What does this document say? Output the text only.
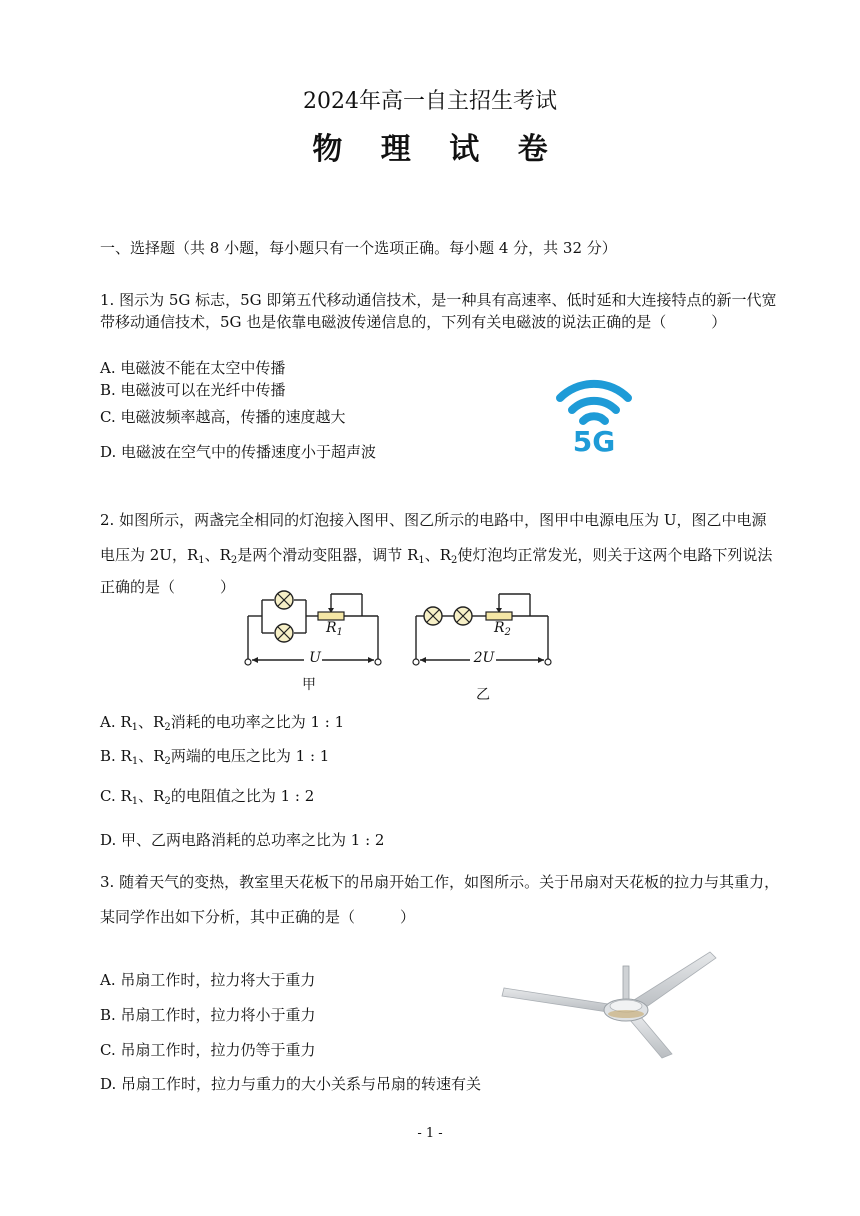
2024年高一自主招生考试
物 理 试 卷
一、选择题（共 8 小题，每小题只有一个选项正确。每小题 4 分，共 32 分）
1. 图示为 5G 标志，5G 即第五代移动通信技术，是一种具有高速率、低时延和大连接特点的新一代宽
带移动通信技术，5G 也是依靠电磁波传递信息的，下列有关电磁波的说法正确的是（　　　）
A. 电磁波不能在太空中传播
B. 电磁波可以在光纤中传播
C. 电磁波频率越高，传播的速度越大
D. 电磁波在空气中的传播速度小于超声波	5G
2. 如图所示，两盏完全相同的灯泡接入图甲、图乙所示的电路中，图甲中电源电压为 U，图乙中电源
电压为 2U，$R_1$、$R_2$是两个滑动变阻器，调节 $R_1$、$R_2$使灯泡均正常发光，则关于这两个电路下列说法
正确的是（　　　）
$R_1$
U
甲
$R_2$
2U
乙
A. $R_1$、$R_2$消耗的电功率之比为 1 : 1
B. $R_1$、$R_2$两端的电压之比为 1 : 1
C. $R_1$、$R_2$的电阻值之比为 1 : 2
D. 甲、乙两电路消耗的总功率之比为 1 : 2
3. 随着天气的变热，教室里天花板下的吊扇开始工作，如图所示。关于吊扇对天花板的拉力与其重力，
某同学作出如下分析，其中正确的是（　　　）
A. 吊扇工作时，拉力将大于重力
B. 吊扇工作时，拉力将小于重力
C. 吊扇工作时，拉力仍等于重力
D. 吊扇工作时，拉力与重力的大小关系与吊扇的转速有关
- 1 -
